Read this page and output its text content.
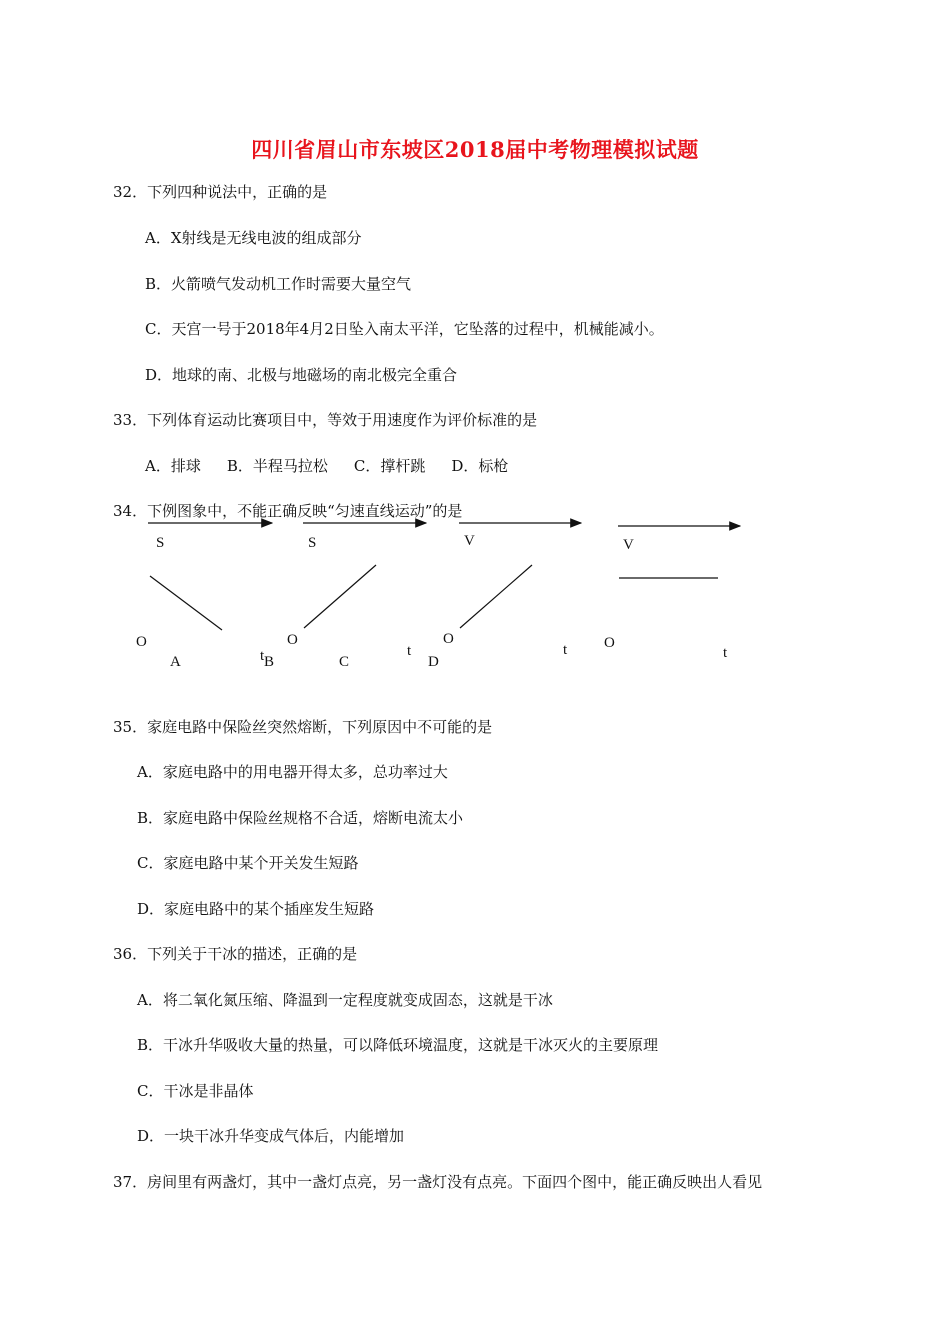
四川省眉山市东坡区2018届中考物理模拟试题
32．下列四种说法中，正确的是
A．X射线是无线电波的组成部分
B．火箭喷气发动机工作时需要大量空气
C．天宫一号于2018年4月2日坠入南太平洋，它坠落的过程中，机械能减小。
D．地球的南、北极与地磁场的南北极完全重合
33．下列体育运动比赛项目中，等效于用速度作为评价标准的是
A．排球 B．半程马拉松 C．撑杆跳 D．标枪
34．下例图象中，不能正确反映“匀速直线运动”的是
S
O
A	t
S
O
B
t
V
O
C
t
V
O
D
t
35．家庭电路中保险丝突然熔断，下列原因中不可能的是
A．家庭电路中的用电器开得太多，总功率过大
B．家庭电路中保险丝规格不合适，熔断电流太小
C．家庭电路中某个开关发生短路
D．家庭电路中的某个插座发生短路
36．下列关于干冰的描述，正确的是
A．将二氧化氮压缩、降温到一定程度就变成固态，这就是干冰
B．干冰升华吸收大量的热量，可以降低环境温度，这就是干冰灭火的主要原理
C．干冰是非晶体
D．一块干冰升华变成气体后，内能增加
37．房间里有两盏灯，其中一盏灯点亮，另一盏灯没有点亮。下面四个图中，能正确反映出人看见
